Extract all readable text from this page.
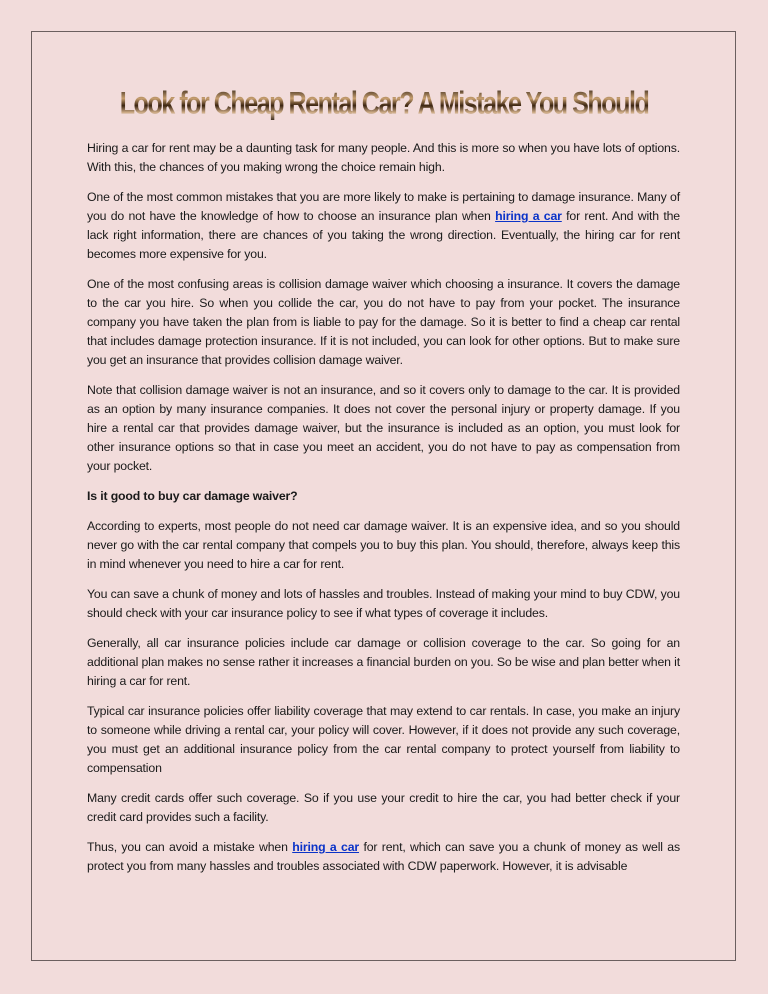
Look for Cheap Rental Car? A Mistake You Should

Hiring a car for rent may be a daunting task for many people. And this is more so when you have lots of options. With this, the chances of you making wrong the choice remain high.

One of the most common mistakes that you are more likely to make is pertaining to damage insurance. Many of you do not have the knowledge of how to choose an insurance plan when hiring a car for rent. And with the lack right information, there are chances of you taking the wrong direction. Eventually, the hiring car for rent becomes more expensive for you.

One of the most confusing areas is collision damage waiver which choosing a insurance. It covers the damage to the car you hire. So when you collide the car, you do not have to pay from your pocket. The insurance company you have taken the plan from is liable to pay for the damage. So it is better to find a cheap car rental that includes damage protection insurance. If it is not included, you can look for other options. But to make sure you get an insurance that provides collision damage waiver.

Note that collision damage waiver is not an insurance, and so it covers only to damage to the car. It is provided as an option by many insurance companies. It does not cover the personal injury or property damage. If you hire a rental car that provides damage waiver, but the insurance is included as an option, you must look for other insurance options so that in case you meet an accident, you do not have to pay as compensation from your pocket.

Is it good to buy car damage waiver?

According to experts, most people do not need car damage waiver. It is an expensive idea, and so you should never go with the car rental company that compels you to buy this plan. You should, therefore, always keep this in mind whenever you need to hire a car for rent.

You can save a chunk of money and lots of hassles and troubles. Instead of making your mind to buy CDW, you should check with your car insurance policy to see if what types of coverage it includes.

Generally, all car insurance policies include car damage or collision coverage to the car. So going for an additional plan makes no sense rather it increases a financial burden on you. So be wise and plan better when it hiring a car for rent.

Typical car insurance policies offer liability coverage that may extend to car rentals. In case, you make an injury to someone while driving a rental car, your policy will cover. However, if it does not provide any such coverage, you must get an additional insurance policy from the car rental company to protect yourself from liability to compensation

Many credit cards offer such coverage. So if you use your credit to hire the car, you had better check if your credit card provides such a facility.

Thus, you can avoid a mistake when hiring a car for rent, which can save you a chunk of money as well as protect you from many hassles and troubles associated with CDW paperwork. However, it is advisable
